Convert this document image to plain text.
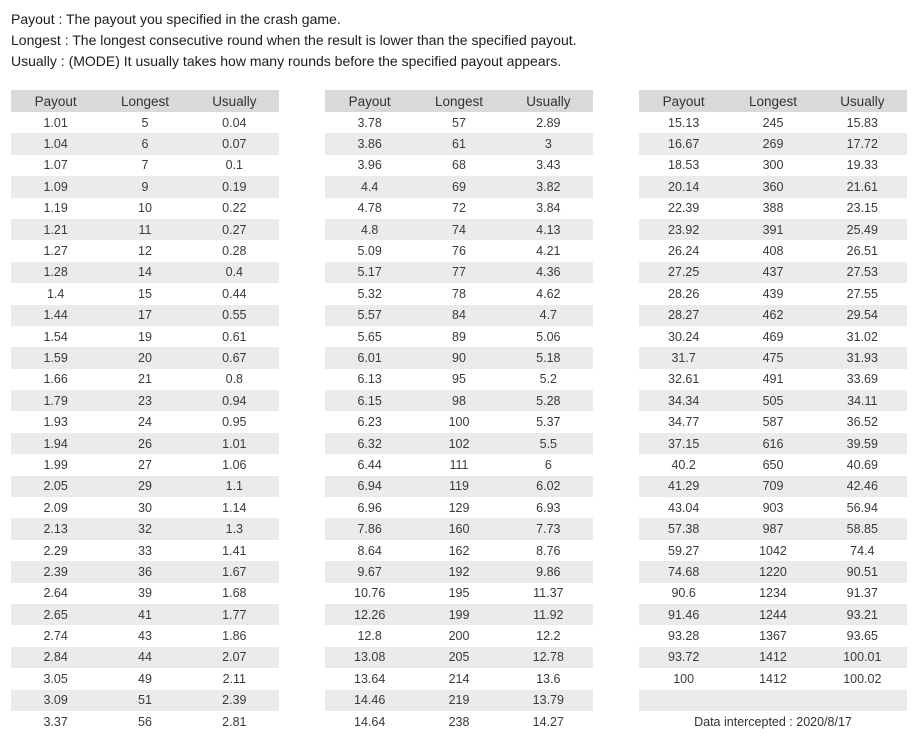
Payout : The payout you specified in the crash game.
Longest : The longest consecutive round when the result is lower than the specified payout.
Usually : (MODE) It usually takes how many rounds before the specified payout appears.
Payout	Longest	Usually
1.01	5	0.04
1.04	6	0.07
1.07	7	0.1
1.09	9	0.19
1.19	10	0.22
1.21	11	0.27
1.27	12	0.28
1.28	14	0.4
1.4	15	0.44
1.44	17	0.55
1.54	19	0.61
1.59	20	0.67
1.66	21	0.8
1.79	23	0.94
1.93	24	0.95
1.94	26	1.01
1.99	27	1.06
2.05	29	1.1
2.09	30	1.14
2.13	32	1.3
2.29	33	1.41
2.39	36	1.67
2.64	39	1.68
2.65	41	1.77
2.74	43	1.86
2.84	44	2.07
3.05	49	2.11
3.09	51	2.39
3.37	56	2.81
Payout	Longest	Usually
3.78	57	2.89
3.86	61	3
3.96	68	3.43
4.4	69	3.82
4.78	72	3.84
4.8	74	4.13
5.09	76	4.21
5.17	77	4.36
5.32	78	4.62
5.57	84	4.7
5.65	89	5.06
6.01	90	5.18
6.13	95	5.2
6.15	98	5.28
6.23	100	5.37
6.32	102	5.5
6.44	111	6
6.94	119	6.02
6.96	129	6.93
7.86	160	7.73
8.64	162	8.76
9.67	192	9.86
10.76	195	11.37
12.26	199	11.92
12.8	200	12.2
13.08	205	12.78
13.64	214	13.6
14.46	219	13.79
14.64	238	14.27
Payout	Longest	Usually
15.13	245	15.83
16.67	269	17.72
18.53	300	19.33
20.14	360	21.61
22.39	388	23.15
23.92	391	25.49
26.24	408	26.51
27.25	437	27.53
28.26	439	27.55
28.27	462	29.54
30.24	469	31.02
31.7	475	31.93
32.61	491	33.69
34.34	505	34.11
34.77	587	36.52
37.15	616	39.59
40.2	650	40.69
41.29	709	42.46
43.04	903	56.94
57.38	987	58.85
59.27	1042	74.4
74.68	1220	90.51
90.6	1234	91.37
91.46	1244	93.21
93.28	1367	93.65
93.72	1412	100.01
100	1412	100.02
Data intercepted : 2020/8/17
